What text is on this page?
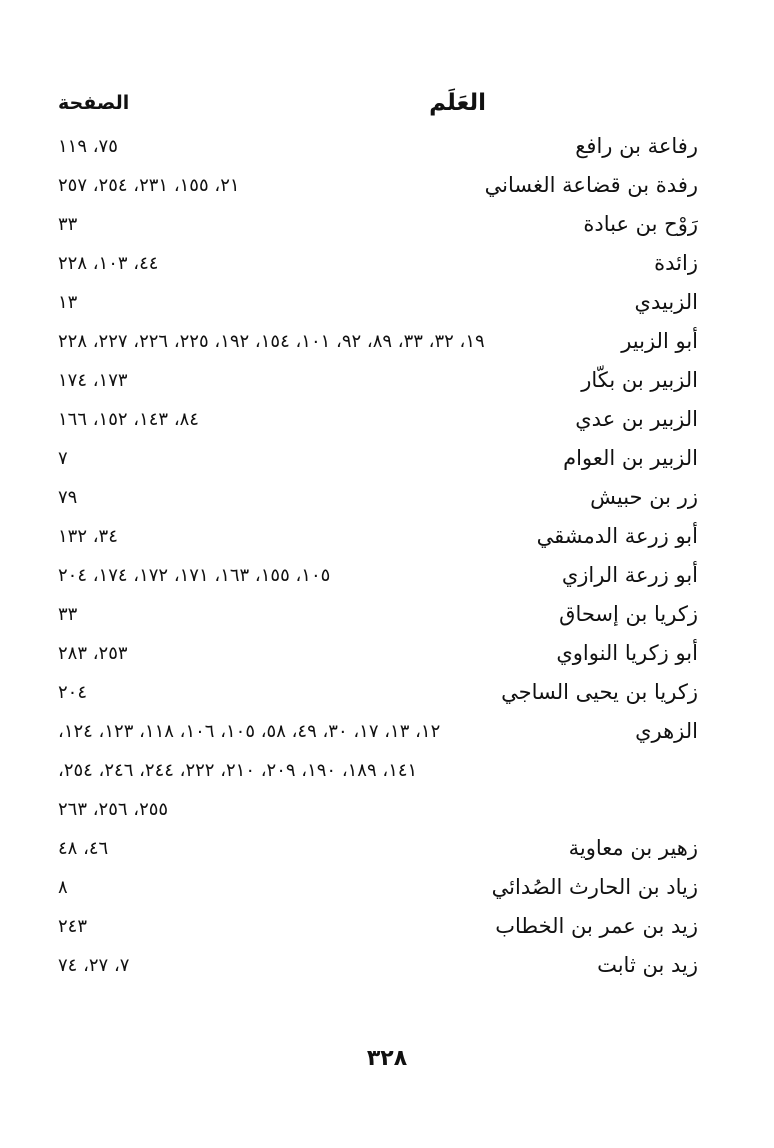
العَلَم
الصفحة
رفاعة بن رافع
٧٥، ١١٩
رفدة بن قضاعة الغساني
٢١، ١٥٥، ٢٣١، ٢٥٤، ٢٥٧
رَوْح بن عبادة
٣٣
زائدة
٤٤، ١٠٣، ٢٢٨
الزبيدي
١٣
أبو الزبير
١٩، ٣٢، ٣٣، ٨٩، ٩٢، ١٠١، ١٥٤، ١٩٢، ٢٢٥، ٢٢٦، ٢٢٧، ٢٢٨
الزبير بن بكّار
١٧٣، ١٧٤
الزبير بن عدي
٨٤، ١٤٣، ١٥٢، ١٦٦
الزبير بن العوام
٧
زر بن حبيش
٧٩
أبو زرعة الدمشقي
٣٤، ١٣٢
أبو زرعة الرازي
١٠٥، ١٥٥، ١٦٣، ١٧١، ١٧٢، ١٧٤، ٢٠٤
زكريا بن إسحاق
٣٣
أبو زكريا النواوي
٢٥٣، ٢٨٣
زكريا بن يحيى الساجي
٢٠٤
الزهري
١٢، ١٣، ١٧، ٣٠، ٤٩، ٥٨، ١٠٥، ١٠٦، ١١٨، ١٢٣، ١٢٤،
١٤١، ١٨٩، ١٩٠، ٢٠٩، ٢١٠، ٢٢٢، ٢٤٤، ٢٤٦، ٢٥٤،
٢٥٥، ٢٥٦، ٢٦٣
زهير بن معاوية
٤٦، ٤٨
زياد بن الحارث الصُدائي
٨
زيد بن عمر بن الخطاب
٢٤٣
زيد بن ثابت
٧، ٢٧، ٧٤
٣٢٨
